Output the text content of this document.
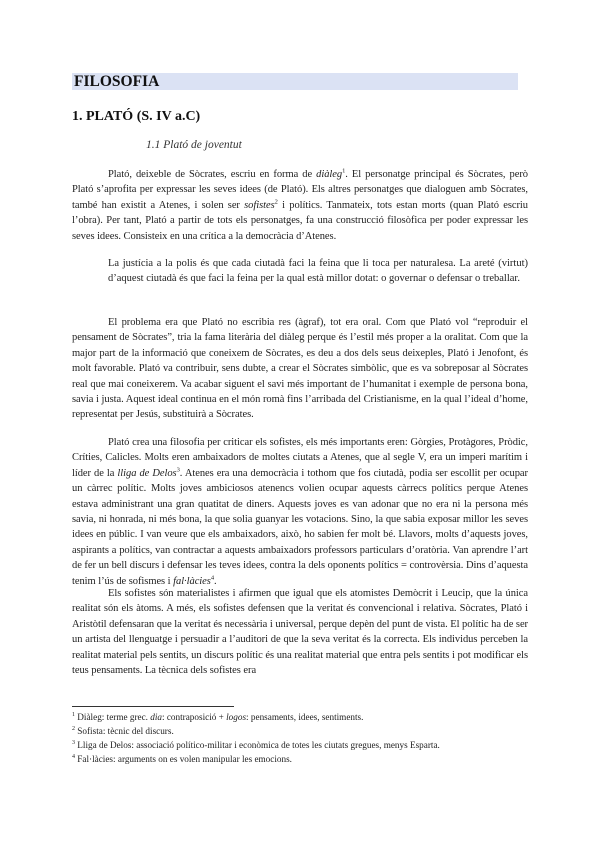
FILOSOFIA
1. PLATÓ (S. IV a.C)
1.1 Plató de joventut

Plató, deixeble de Sòcrates, escriu en forma de diàleg$^1$. El personatge principal és Sòcrates, però Plató s’aprofita per expressar les seves idees (de Plató). Els altres personatges que dialoguen amb Sòcrates, també han existit a Atenes, i solen ser sofistes$^2$ i polítics. Tanmateix, tots estan morts (quan Plató escriu l’obra). Per tant, Plató a partir de tots els personatges, fa una construcció filosòfica per poder expressar les seves idees. Consisteix en una crítica a la democràcia d’Atenes.

La justícia a la polis és que cada ciutadà faci la feina que li toca per naturalesa. La areté (virtut) d’aquest ciutadà és que faci la feina per la qual està millor dotat: o governar o defensar o treballar.

El problema era que Plató no escribia res (àgraf), tot era oral. Com que Plató vol “reproduir el pensament de Sòcrates”, tria la fama literària del diàleg perque és l’estil més proper a la oralitat. Com que la major part de la informació que coneixem de Sòcrates, es deu a dos dels seus deixeples, Plató i Jenofont, és molt favorable. Plató va contribuir, sens dubte, a crear el Sòcrates simbòlic, que es va sobreposar al Sòcrates real que mai coneixerem. Va acabar siguent el savi més important de l’humanitat i exemple de persona bona, savia i justa. Aquest ideal continua en el món romà fins l’arribada del Cristianisme, en la qual l’ideal d’home, representat per Jesús, substituirà a Sòcrates.

Plató crea una filosofia per criticar els sofistes, els més importants eren: Gòrgies, Protàgores, Pròdic, Críties, Calicles. Molts eren ambaixadors de moltes ciutats a Atenes, que al segle V, era un imperi marítim i líder de la lliga de Delos$^3$. Atenes era una democràcia i tothom que fos ciutadà, podia ser escollit per ocupar un càrrec polític. Molts joves ambiciosos atenencs volien ocupar aquests càrrecs polítics perque Atenes estava administrant una gran quatitat de diners. Aquests joves es van adonar que no era ni la persona més savia, ni honrada, ni més bona, la que solia guanyar les votacions. Sino, la que sabia exposar millor les seves idees en públic. I van veure que els ambaixadors, això, ho sabien fer molt bé. Llavors, molts d’aquests joves, aspirants a polítics, van contractar a aquests ambaixadors professors particulars d’oratòria. Van aprendre l’art de fer un bell discurs i defensar les teves idees, contra la dels oponents polítics = controvèrsia. Dins d’aquesta tenim l’ús de sofismes i fal·làcies$^4$.

Els sofistes són materialistes i afirmen que igual que els atomistes Demòcrit i Leucip, que la única realitat són els àtoms. A més, els sofistes defensen que la veritat és convencional i relativa. Sòcrates, Plató i Aristòtil defensaran que la veritat és necessària i universal, perque depèn del punt de vista. El polític ha de ser un artista del llenguatge i persuadir a l’auditori de que la seva veritat és la correcta. Els individus perceben la realitat material pels sentits, un discurs polític és una realitat material que entra pels sentits i pot modificar els teus pensaments. La tècnica dels sofistes era

$^1$ Diàleg: terme grec. dia: contraposició + logos: pensaments, idees, sentiments.

$^2$ Sofista: tècnic del discurs.

$^3$ Lliga de Delos: associació político-militar i econòmica de totes les ciutats gregues, menys Esparta.

$^4$ Fal·làcies: arguments on es volen manipular les emocions.
